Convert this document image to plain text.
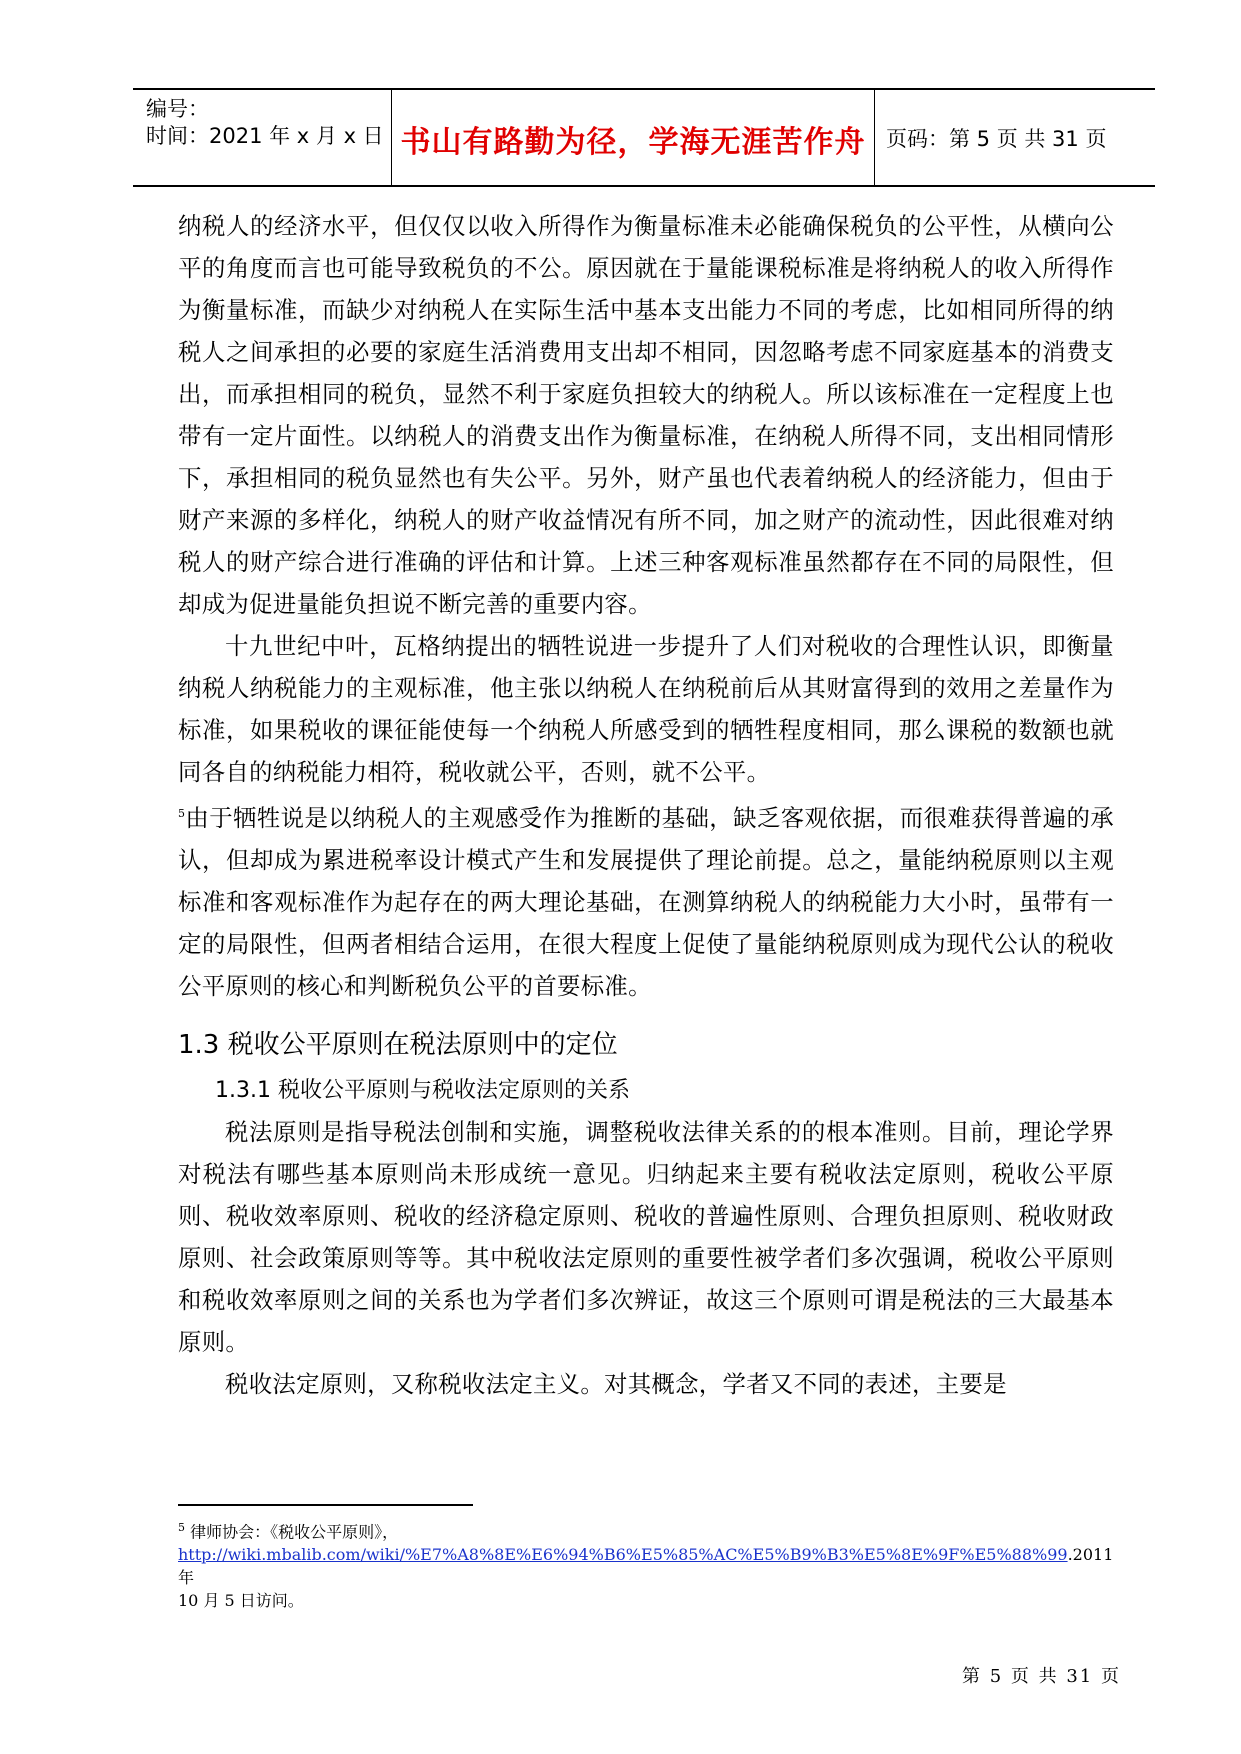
编号：
时间：2021 年 x 月 x 日 书山有路勤为径，学海无涯苦作舟 页码：第 5 页 共 31 页

纳税人的经济水平，但仅仅以收入所得作为衡量标准未必能确保税负的公平性，从横向公平的角度而言也可能导致税负的不公。原因就在于量能课税标准是将纳税人的收入所得作为衡量标准，而缺少对纳税人在实际生活中基本支出能力不同的考虑，比如相同所得的纳税人之间承担的必要的家庭生活消费用支出却不相同，因忽略考虑不同家庭基本的消费支出，而承担相同的税负，显然不利于家庭负担较大的纳税人。所以该标准在一定程度上也带有一定片面性。以纳税人的消费支出作为衡量标准，在纳税人所得不同，支出相同情形下，承担相同的税负显然也有失公平。另外，财产虽也代表着纳税人的经济能力，但由于财产来源的多样化，纳税人的财产收益情况有所不同，加之财产的流动性，因此很难对纳税人的财产综合进行准确的评估和计算。上述三种客观标准虽然都存在不同的局限性，但却成为促进量能负担说不断完善的重要内容。

十九世纪中叶，瓦格纳提出的牺牲说进一步提升了人们对税收的合理性认识，即衡量纳税人纳税能力的主观标准，他主张以纳税人在纳税前后从其财富得到的效用之差量作为标准，如果税收的课征能使每一个纳税人所感受到的牺牲程度相同，那么课税的数额也就同各自的纳税能力相符，税收就公平，否则，就不公平。
$^5$由于牺牲说是以纳税人的主观感受作为推断的基础，缺乏客观依据，而很难获得普遍的承认，但却成为累进税率设计模式产生和发展提供了理论前提。总之，量能纳税原则以主观标准和客观标准作为起存在的两大理论基础，在测算纳税人的纳税能力大小时，虽带有一定的局限性，但两者相结合运用，在很大程度上促使了量能纳税原则成为现代公认的税收公平原则的核心和判断税负公平的首要标准。

1.3 税收公平原则在税法原则中的定位
1.3.1 税收公平原则与税收法定原则的关系

税法原则是指导税法创制和实施，调整税收法律关系的的根本准则。目前，理论学界对税法有哪些基本原则尚未形成统一意见。归纳起来主要有税收法定原则，税收公平原则、税收效率原则、税收的经济稳定原则、税收的普遍性原则、合理负担原则、税收财政原则、社会政策原则等等。其中税收法定原则的重要性被学者们多次强调，税收公平原则和税收效率原则之间的关系也为学者们多次辨证，故这三个原则可谓是税法的三大最基本原则。

税收法定原则，又称税收法定主义。对其概念，学者又不同的表述，主要是

$^5$ 律师协会：《税收公平原则》，
http://wiki.mbalib.com/wiki/%E7%A8%8E%E6%94%B6%E5%85%AC%E5%B9%B3%E5%8E%9F%E5%88%99.2011 年
10 月 5 日访问。
第 5 页 共 31 页
